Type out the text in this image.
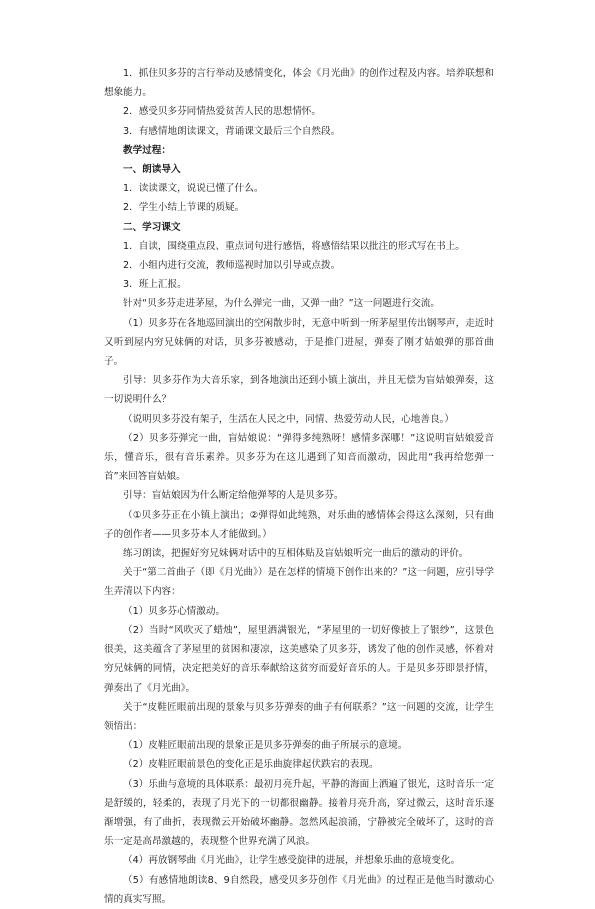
1．抓住贝多芬的言行举动及感情变化，体会《月光曲》的创作过程及内容。培养联想和想象能力。

2．感受贝多芬同情热爱贫苦人民的思想情怀。

3．有感情地朗读课文，背诵课文最后三个自然段。

教学过程：

一、朗读导入

1．读读课文，说说已懂了什么。

2．学生小结上节课的质疑。

二、学习课文

1．自读，围绕重点段、重点词句进行感悟，将感悟结果以批注的形式写在书上。

2．小组内进行交流，教师巡视时加以引导或点拨。

3．班上汇报。

针对“贝多芬走进茅屋，为什么弹完一曲，又弹一曲？”这一问题进行交流。

（1）贝多芬在各地巡回演出的空闲散步时，无意中听到一所茅屋里传出钢琴声，走近时又听到屋内穷兄妹俩的对话，贝多芬被感动，于是推门进屋，弹奏了刚才姑娘弹的那首曲子。

引导：贝多芬作为大音乐家，到各地演出还到小镇上演出，并且无偿为盲姑娘弹奏，这一切说明什么？

（说明贝多芬没有架子，生活在人民之中，同情、热爱劳动人民，心地善良。）

（2）贝多芬弹完一曲，盲姑娘说：“弹得多纯熟呀！感情多深哪！”这说明盲姑娘爱音乐，懂音乐，很有音乐素养。贝多芬为在这儿遇到了知音而激动，因此用“我再给您弹一首”来回答盲姑娘。

引导：盲姑娘因为什么断定给他弹琴的人是贝多芬。

（①贝多芬正在小镇上演出；②弹得如此纯熟，对乐曲的感情体会得这么深刻，只有曲子的创作者——贝多芬本人才能做到。）

练习朗读，把握好穷兄妹俩对话中的互相体贴及盲姑娘听完一曲后的激动的评价。

关于“第二首曲子（即《月光曲》）是在怎样的情境下创作出来的？”这一问题，应引导学生弄清以下内容：

（1）贝多芬心情激动。

（2）当时“风吹灭了蜡烛”，屋里洒满银光，“茅屋里的一切好像披上了银纱”，这景色很美，这美蕴含了茅屋里的贫困和凄凉，这美感染了贝多芬，诱发了他的创作灵感，怀着对穷兄妹俩的同情，决定把美好的音乐奉献给这贫穷而爱好音乐的人。于是贝多芬即景抒情，弹奏出了《月光曲》。

关于“皮鞋匠眼前出现的景象与贝多芬弹奏的曲子有何联系？”这一问题的交流，让学生领悟出：

（1）皮鞋匠眼前出现的景象正是贝多芬弹奏的曲子所展示的意境。

（2）皮鞋匠眼前景色的变化正是乐曲旋律起伏跌宕的表现。

（3）乐曲与意境的具体联系：最初月亮升起，平静的海面上洒遍了银光，这时音乐一定是舒缓的，轻柔的，表现了月光下的一切都很幽静。接着月亮升高，穿过微云，这时音乐逐渐增强，有了曲折，表现微云开始破坏幽静。忽然风起浪涌，宁静被完全破坏了，这时的音乐一定是高昂激越的，表现整个世界充满了风浪。

（4）再放钢琴曲《月光曲》，让学生感受旋律的进展，并想象乐曲的意境变化。

（5）有感情地朗读8、9自然段，感受贝多芬创作《月光曲》的过程正是他当时激动心情的真实写照。
